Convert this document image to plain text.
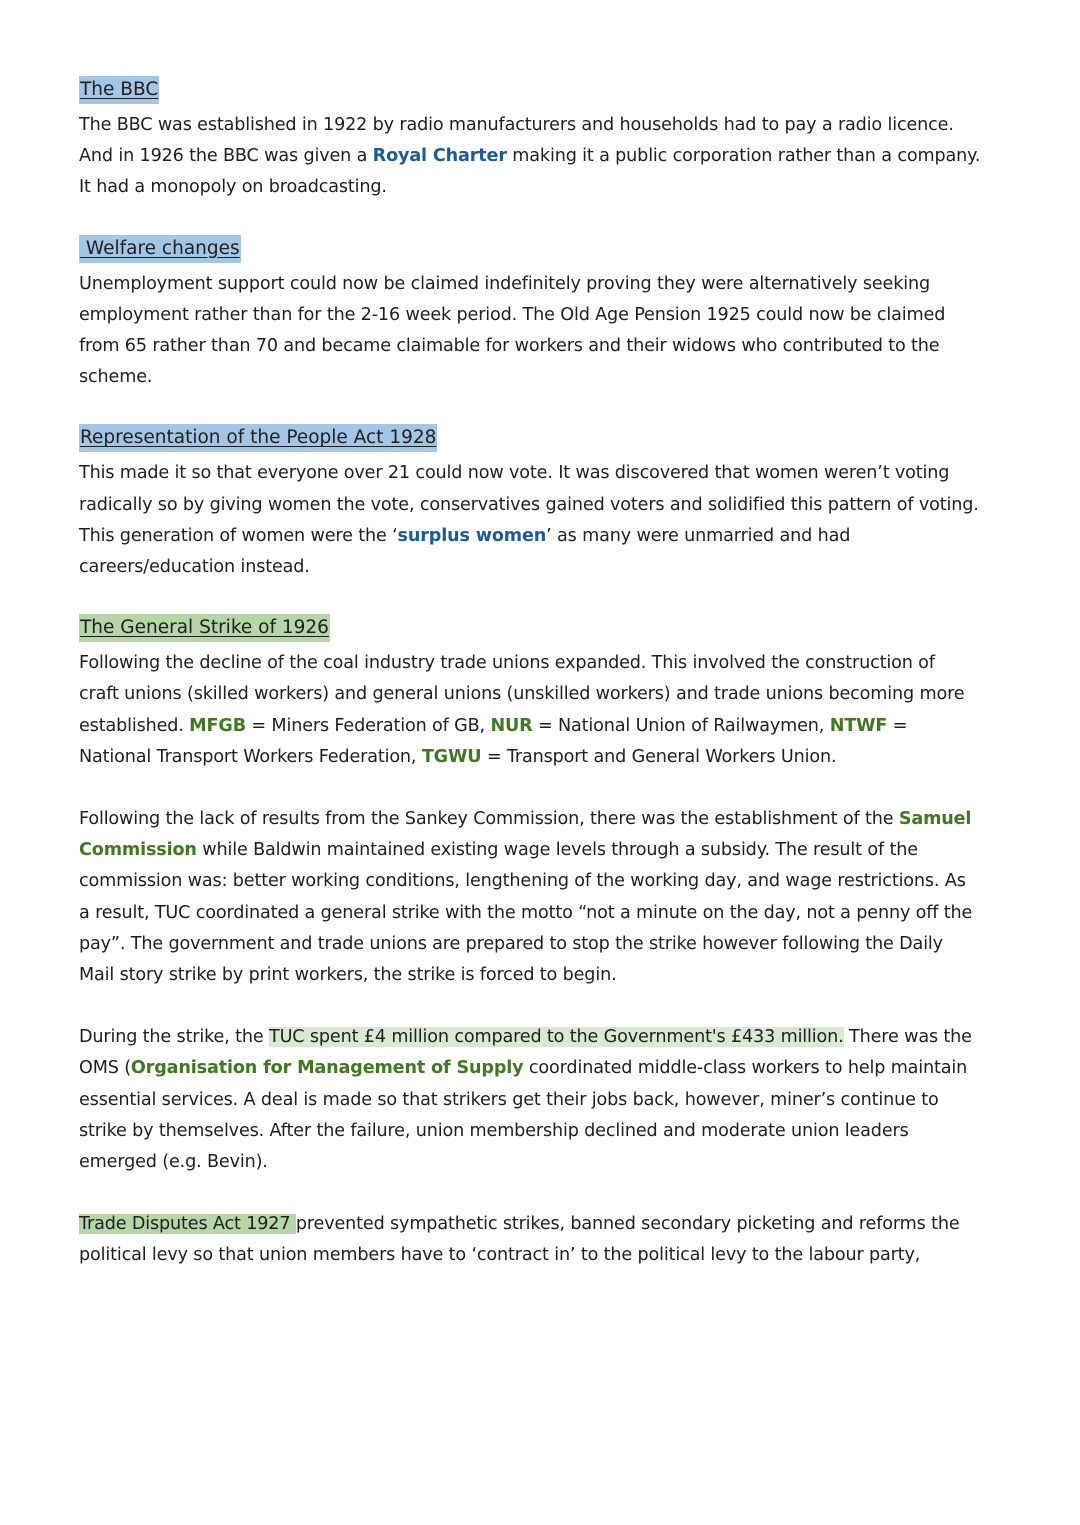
The BBC
The BBC was established in 1922 by radio manufacturers and households had to pay a radio licence.
And in 1926 the BBC was given a Royal Charter making it a public corporation rather than a company.
It had a monopoly on broadcasting.
Welfare changes
Unemployment support could now be claimed indefinitely proving they were alternatively seeking
employment rather than for the 2-16 week period. The Old Age Pension 1925 could now be claimed
from 65 rather than 70 and became claimable for workers and their widows who contributed to the
scheme.
Representation of the People Act 1928
This made it so that everyone over 21 could now vote. It was discovered that women weren’t voting
radically so by giving women the vote, conservatives gained voters and solidified this pattern of voting.
This generation of women were the ‘surplus women’ as many were unmarried and had
careers/education instead.
The General Strike of 1926
Following the decline of the coal industry trade unions expanded. This involved the construction of
craft unions (skilled workers) and general unions (unskilled workers) and trade unions becoming more
established. MFGB = Miners Federation of GB, NUR = National Union of Railwaymen, NTWF =
National Transport Workers Federation, TGWU = Transport and General Workers Union.
Following the lack of results from the Sankey Commission, there was the establishment of the Samuel
Commission while Baldwin maintained existing wage levels through a subsidy. The result of the
commission was: better working conditions, lengthening of the working day, and wage restrictions. As
a result, TUC coordinated a general strike with the motto “not a minute on the day, not a penny off the
pay”. The government and trade unions are prepared to stop the strike however following the Daily
Mail story strike by print workers, the strike is forced to begin.
During the strike, the TUC spent £4 million compared to the Government's £433 million. There was the
OMS (Organisation for Management of Supply coordinated middle-class workers to help maintain
essential services. A deal is made so that strikers get their jobs back, however, miner’s continue to
strike by themselves. After the failure, union membership declined and moderate union leaders
emerged (e.g. Bevin).
Trade Disputes Act 1927 prevented sympathetic strikes, banned secondary picketing and reforms the
political levy so that union members have to ‘contract in’ to the political levy to the labour party,
